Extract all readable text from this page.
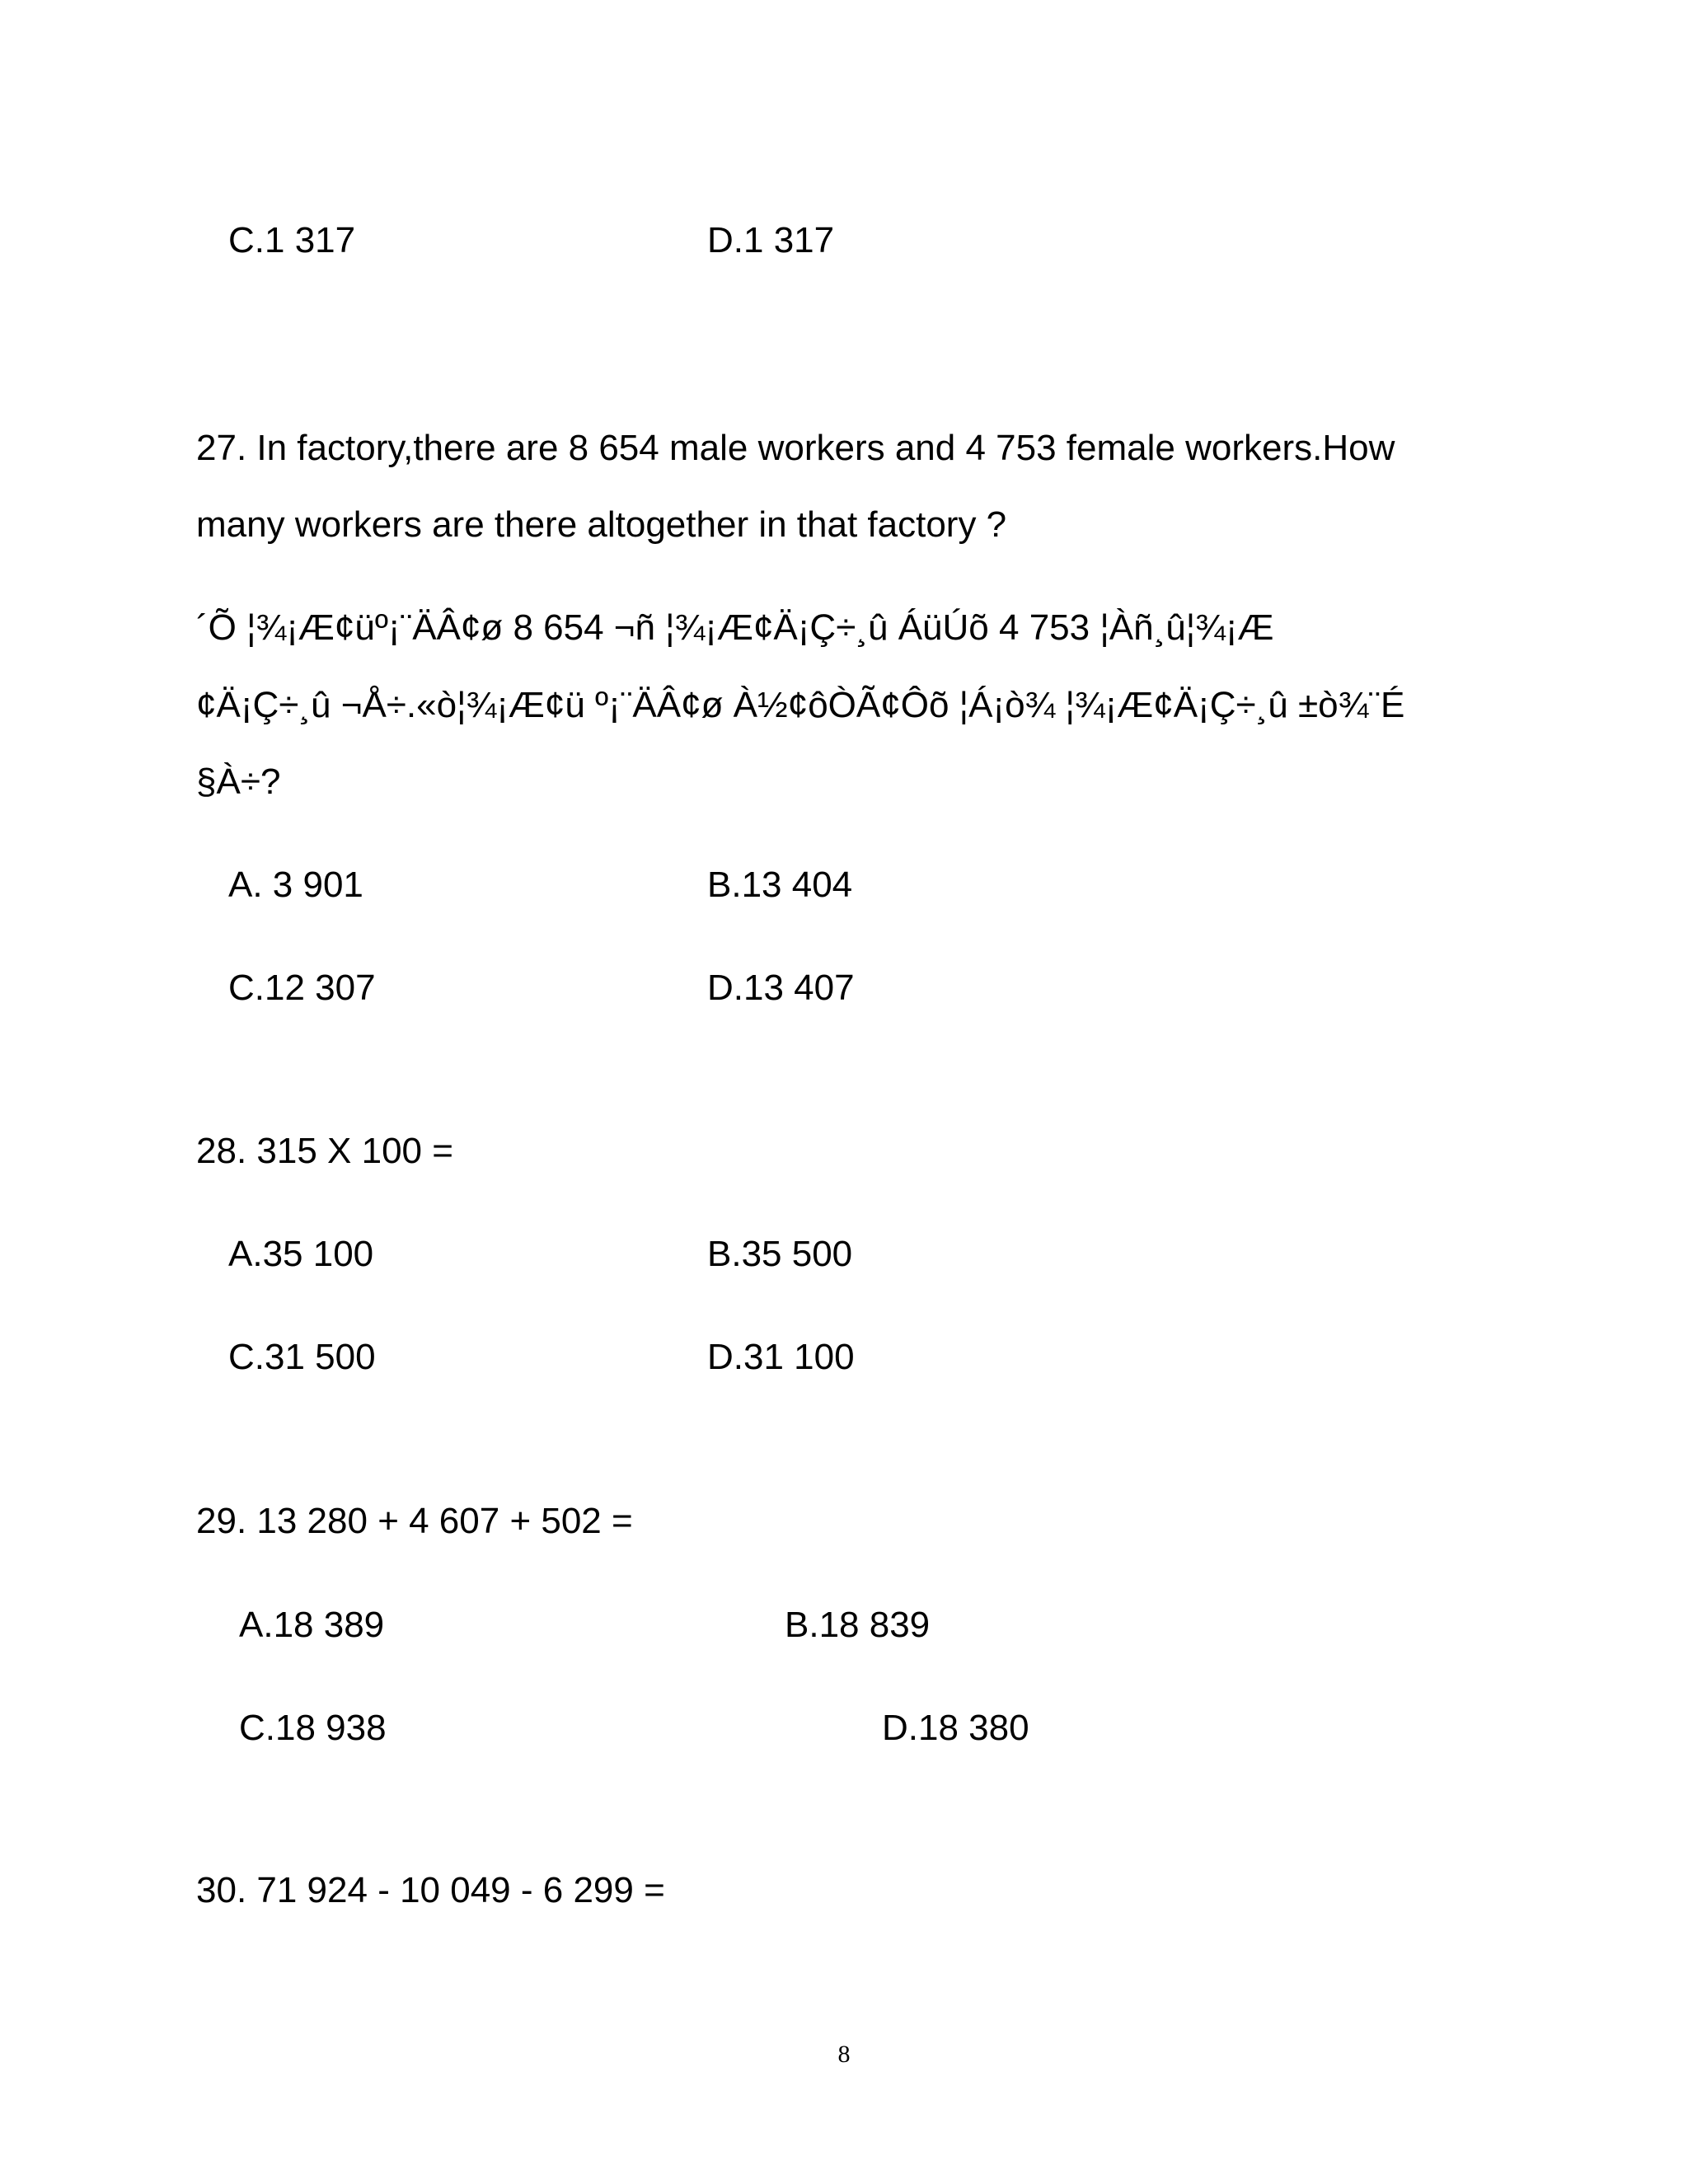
C.1 317	D.1 317
27. In factory,there are 8 654 male workers and 4 753 female workers.How
many workers are there altogether in that factory ?
´Õ ¦¾¡Æ¢üº¡¨ÄÂ¢ø 8 654 ¬ñ ¦¾¡Æ¢Ä¡Ç÷¸û ÁüÚõ 4 753 ¦Àñ¸û¦¾¡Æ
¢Ä¡Ç÷¸û ¬Å÷.«ò¦¾¡Æ¢ü º¡¨ÄÂ¢ø À½¢ôÒÃ¢Ôõ ¦Á¡ò¾ ¦¾¡Æ¢Ä¡Ç÷¸û ±ò¾¨É
§À÷?
A. 3 901	B.13 404
C.12 307	D.13 407
28. 315 X 100 =
A.35 100	B.35 500
C.31 500	D.31 100
29. 13 280 + 4 607 + 502 =
A.18 389	B.18 839
C.18 938	D.18 380
30. 71 924 - 10 049 - 6 299 =
8
